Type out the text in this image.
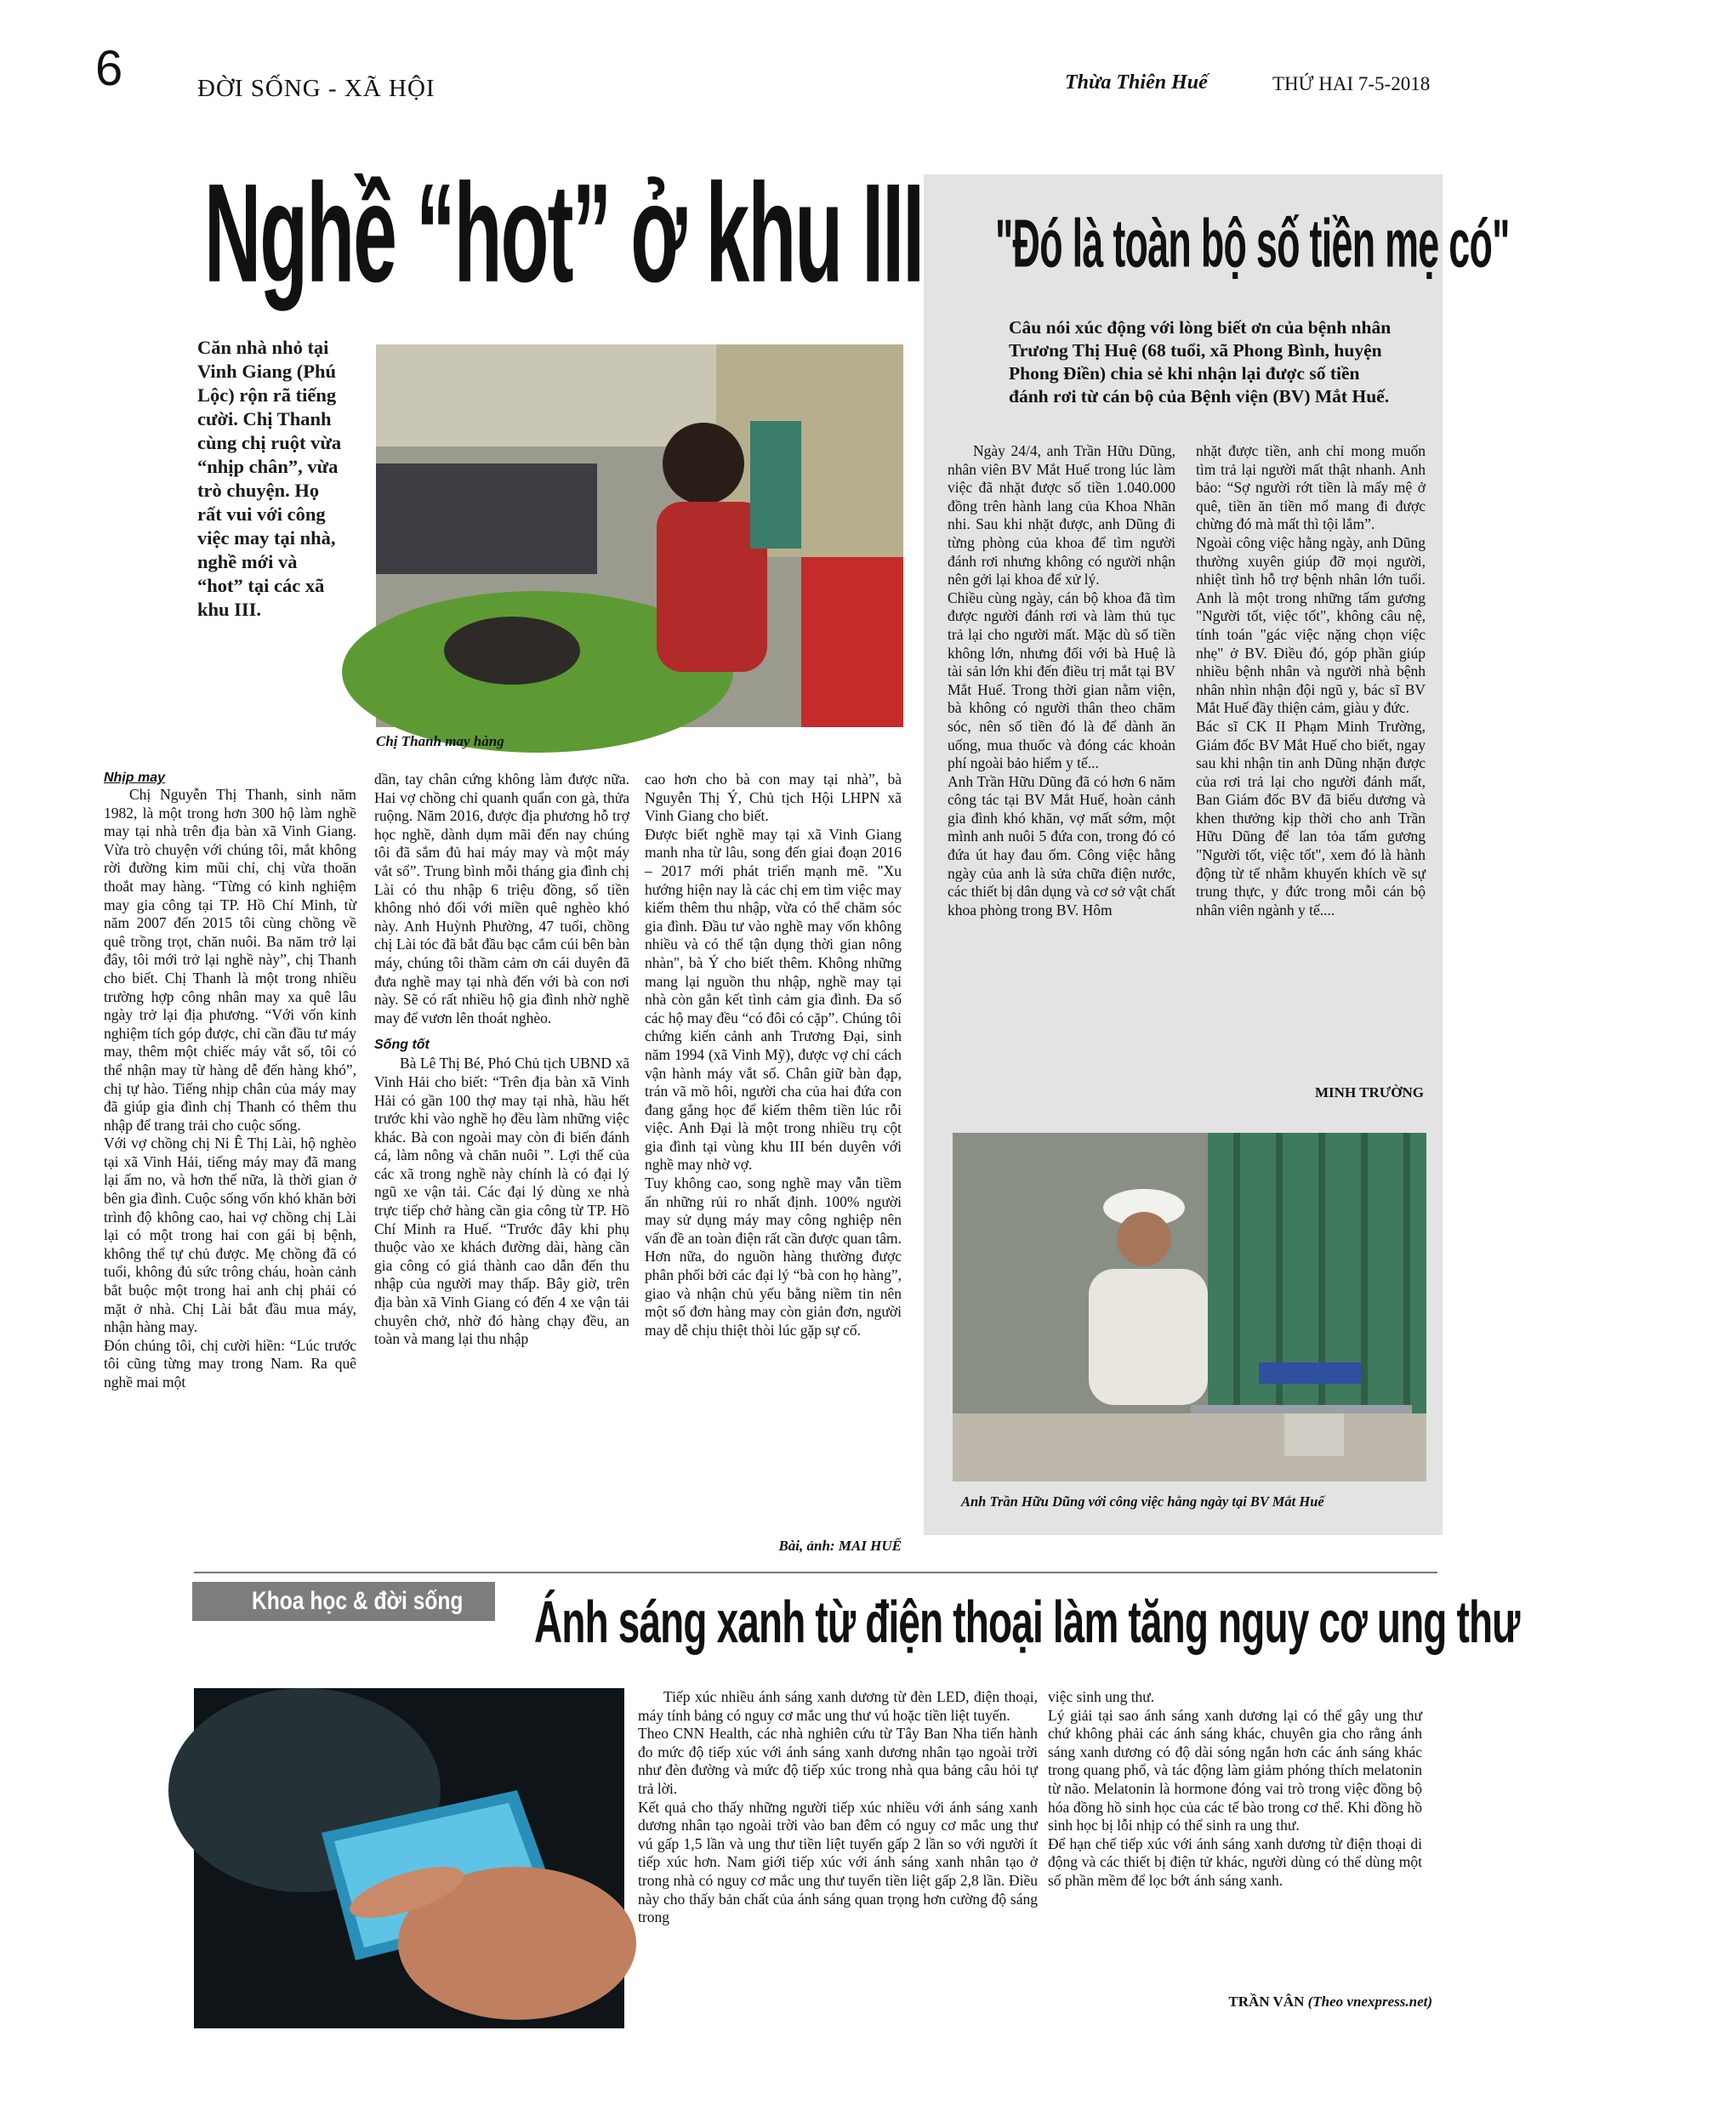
6	ĐỜI SỐNG - XÃ HỘI	Thừa Thiên Huế	THỨ HAI 7-5-2018
Nghề “hot” ở khu III
Căn nhà nhỏ tại Vinh Giang (Phú Lộc) rộn rã tiếng cười. Chị Thanh cùng chị ruột vừa “nhịp chân”, vừa trò chuyện. Họ rất vui với công việc may tại nhà, nghề mới và “hot” tại các xã khu III.
Chị Thanh may hàng

Nhịp may

Chị Nguyễn Thị Thanh, sinh năm 1982, là một trong hơn 300 hộ làm nghề may tại nhà trên địa bàn xã Vinh Giang. Vừa trò chuyện với chúng tôi, mắt không rời đường kim mũi chỉ, chị vừa thoăn thoắt may hàng. “Từng có kinh nghiệm may gia công tại TP. Hồ Chí Minh, từ năm 2007 đến 2015 tôi cùng chồng về quê trồng trọt, chăn nuôi. Ba năm trở lại đây, tôi mới trở lại nghề này”, chị Thanh cho biết. Chị Thanh là một trong nhiều trường hợp công nhân may xa quê lâu ngày trở lại địa phương. “Với vốn kinh nghiệm tích góp được, chỉ cần đầu tư máy may, thêm một chiếc máy vắt sổ, tôi có thể nhận may từ hàng dễ đến hàng khó”, chị tự hào. Tiếng nhịp chân của máy may đã giúp gia đình chị Thanh có thêm thu nhập để trang trải cho cuộc sống.
Với vợ chồng chị Ni Ê Thị Lài, hộ nghèo tại xã Vinh Hải, tiếng máy may đã mang lại ấm no, và hơn thế nữa, là thời gian ở bên gia đình. Cuộc sống vốn khó khăn bởi trình độ không cao, hai vợ chồng chị Lài lại có một trong hai con gái bị bệnh, không thể tự chủ được. Mẹ chồng đã có tuổi, không đủ sức trông cháu, hoàn cảnh bắt buộc một trong hai anh chị phải có mặt ở nhà. Chị Lài bắt đầu mua máy, nhận hàng may.
Đón chúng tôi, chị cười hiền: “Lúc trước tôi cũng từng may trong Nam. Ra quê nghề mai một
dần, tay chân cứng không làm được nữa. Hai vợ chồng chỉ quanh quẩn con gà, thửa ruộng. Năm 2016, được địa phương hỗ trợ học nghề, dành dụm mãi đến nay chúng tôi đã sắm đủ hai máy may và một máy vắt sổ”. Trung bình mỗi tháng gia đình chị Lài có thu nhập 6 triệu đồng, số tiền không nhỏ đối với miền quê nghèo khó này. Anh Huỳnh Phường, 47 tuổi, chồng chị Lài tóc đã bắt đầu bạc cắm cúi bên bàn máy, chúng tôi thầm cảm ơn cái duyên đã đưa nghề may tại nhà đến với bà con nơi này. Sẽ có rất nhiều hộ gia đình nhờ nghề may để vươn lên thoát nghèo.

Sống tốt

Bà Lê Thị Bé, Phó Chủ tịch UBND xã Vinh Hải cho biết: “Trên địa bàn xã Vinh Hải có gần 100 thợ may tại nhà, hầu hết trước khi vào nghề họ đều làm những việc khác. Bà con ngoài may còn đi biển đánh cá, làm nông và chăn nuôi ”. Lợi thế của các xã trong nghề này chính là có đại lý ngũ xe vận tải. Các đại lý dùng xe nhà trực tiếp chở hàng cần gia công từ TP. Hồ Chí Minh ra Huế. “Trước đây khi phụ thuộc vào xe khách đường dài, hàng cần gia công có giá thành cao dẫn đến thu nhập của người may thấp. Bây giờ, trên địa bàn xã Vinh Giang có đến 4 xe vận tải chuyên chở, nhờ đó hàng chạy đều, an toàn và mang lại thu nhập
cao hơn cho bà con may tại nhà”, bà Nguyễn Thị Ý, Chủ tịch Hội LHPN xã Vinh Giang cho biết.
Được biết nghề may tại xã Vinh Giang manh nha từ lâu, song đến giai đoạn 2016 – 2017 mới phát triển mạnh mẽ. "Xu hướng hiện nay là các chị em tìm việc may kiếm thêm thu nhập, vừa có thể chăm sóc gia đình. Đầu tư vào nghề may vốn không nhiều và có thể tận dụng thời gian nông nhàn", bà Ý cho biết thêm. Không những mang lại nguồn thu nhập, nghề may tại nhà còn gắn kết tình cảm gia đình. Đa số các hộ may đều “có đôi có cặp”. Chúng tôi chứng kiến cảnh anh Trương Đại, sinh năm 1994 (xã Vinh Mỹ), được vợ chỉ cách vận hành máy vắt sổ. Chân giữ bàn đạp, trán vã mồ hôi, người cha của hai đứa con đang gắng học để kiếm thêm tiền lúc rỗi việc. Anh Đại là một trong nhiều trụ cột gia đình tại vùng khu III bén duyên với nghề may nhờ vợ.
Tuy không cao, song nghề may vẫn tiềm ẩn những rủi ro nhất định. 100% người may sử dụng máy may công nghiệp nên vấn đề an toàn điện rất cần được quan tâm. Hơn nữa, do nguồn hàng thường được phân phối bởi các đại lý “bà con họ hàng”, giao và nhận chủ yếu bằng niềm tin nên một số đơn hàng may còn giản đơn, người may dễ chịu thiệt thòi lúc gặp sự cố.
Bài, ảnh: MAI HUẾ
"Đó là toàn bộ số tiền mẹ có"
Câu nói xúc động với lòng biết ơn của bệnh nhân Trương Thị Huệ (68 tuổi, xã Phong Bình, huyện Phong Điền) chia sẻ khi nhận lại được số tiền đánh rơi từ cán bộ của Bệnh viện (BV) Mắt Huế.
Ngày 24/4, anh Trần Hữu Dũng, nhân viên BV Mắt Huế trong lúc làm việc đã nhặt được số tiền 1.040.000 đồng trên hành lang của Khoa Nhãn nhi. Sau khi nhặt được, anh Dũng đi từng phòng của khoa để tìm người đánh rơi nhưng không có người nhận nên gởi lại khoa để xử lý.
Chiều cùng ngày, cán bộ khoa đã tìm được người đánh rơi và làm thủ tục trả lại cho người mất. Mặc dù số tiền không lớn, nhưng đối với bà Huệ là tài sản lớn khi đến điều trị mắt tại BV Mắt Huế. Trong thời gian nằm viện, bà không có người thân theo chăm sóc, nên số tiền đó là để dành ăn uống, mua thuốc và đóng các khoản phí ngoài bảo hiểm y tế...
Anh Trần Hữu Dũng đã có hơn 6 năm công tác tại BV Mắt Huế, hoàn cảnh gia đình khó khăn, vợ mất sớm, một mình anh nuôi 5 đứa con, trong đó có đứa út hay đau ốm. Công việc hằng ngày của anh là sửa chữa điện nước, các thiết bị dân dụng và cơ sở vật chất khoa phòng trong BV. Hôm
nhặt được tiền, anh chỉ mong muốn tìm trả lại người mất thật nhanh. Anh bảo: “Sợ người rớt tiền là mấy mệ ở quê, tiền ăn tiền mổ mang đi được chừng đó mà mất thì tội lắm”.
Ngoài công việc hằng ngày, anh Dũng thường xuyên giúp đỡ mọi người, nhiệt tình hỗ trợ bệnh nhân lớn tuổi. Anh là một trong những tấm gương "Người tốt, việc tốt", không câu nệ, tính toán "gác việc nặng chọn việc nhẹ" ở BV. Điều đó, góp phần giúp nhiều bệnh nhân và người nhà bệnh nhân nhìn nhận đội ngũ y, bác sĩ BV Mắt Huế đầy thiện cảm, giàu y đức.
Bác sĩ CK II Phạm Minh Trường, Giám đốc BV Mắt Huế cho biết, ngay sau khi nhận tin anh Dũng nhặn được của rơi trả lại cho người đánh mất, Ban Giám đốc BV đã biểu dương và khen thưởng kịp thời cho anh Trần Hữu Dũng để lan tỏa tấm gương "Người tốt, việc tốt", xem đó là hành động từ tế nhằm khuyến khích về sự trung thực, y đức trong mỗi cán bộ nhân viên ngành y tế....
MINH TRƯỜNG
Anh Trần Hữu Dũng với công việc hằng ngày tại BV Mắt Huế
Khoa học & đời sống	Ánh sáng xanh từ điện thoại làm tăng nguy cơ ung thư
Tiếp xúc nhiều ánh sáng xanh dương từ đèn LED, điện thoại, máy tính bảng có nguy cơ mắc ung thư vú hoặc tiền liệt tuyến.
Theo CNN Health, các nhà nghiên cứu từ Tây Ban Nha tiến hành đo mức độ tiếp xúc với ánh sáng xanh dương nhân tạo ngoài trời như đèn đường và mức độ tiếp xúc trong nhà qua bảng câu hỏi tự trả lời.
Kết quả cho thấy những người tiếp xúc nhiều với ánh sáng xanh dương nhân tạo ngoài trời vào ban đêm có nguy cơ mắc ung thư vú gấp 1,5 lần và ung thư tiền liệt tuyến gấp 2 lần so với người ít tiếp xúc hơn. Nam giới tiếp xúc với ánh sáng xanh nhân tạo ở trong nhà có nguy cơ mắc ung thư tuyến tiền liệt gấp 2,8 lần. Điều này cho thấy bản chất của ánh sáng quan trọng hơn cường độ sáng trong
việc sinh ung thư.
Lý giải tại sao ánh sáng xanh dương lại có thể gây ung thư chứ không phải các ánh sáng khác, chuyên gia cho rằng ánh sáng xanh dương có độ dài sóng ngắn hơn các ánh sáng khác trong quang phổ, và tác động làm giảm phóng thích melatonin từ não. Melatonin là hormone đóng vai trò trong việc đồng bộ hóa đồng hồ sinh học của các tế bào trong cơ thể. Khi đồng hồ sinh học bị lỗi nhịp có thể sinh ra ung thư.
Để hạn chế tiếp xúc với ánh sáng xanh dương từ điện thoại di động và các thiết bị điện tử khác, người dùng có thể dùng một số phần mềm để lọc bớt ánh sáng xanh.
TRẦN VÂN (Theo vnexpress.net)
